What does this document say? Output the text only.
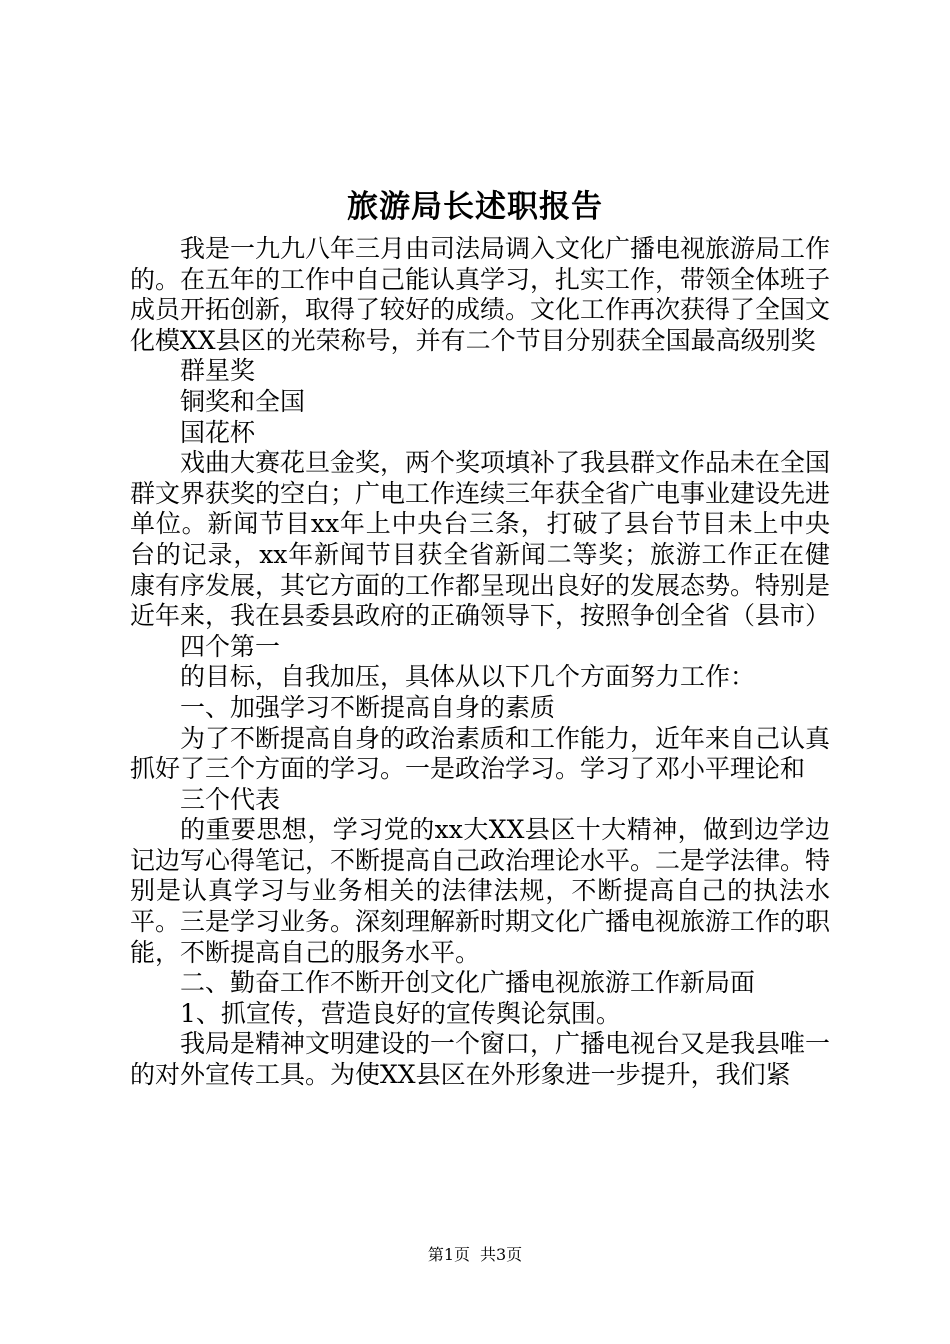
旅游局长述职报告

我是一九九八年三月由司法局调入文化广播电视旅游局工作的。在五年的工作中自己能认真学习，扎实工作，带领全体班子成员开拓创新，取得了较好的成绩。文化工作再次获得了全国文化模XX县区的光荣称号，并有二个节目分别获全国最高级别奖

群星奖

铜奖和全国

国花杯

戏曲大赛花旦金奖，两个奖项填补了我县群文作品未在全国群文界获奖的空白；广电工作连续三年获全省广电事业建设先进单位。新闻节目xx年上中央台三条，打破了县台节目未上中央台的记录，xx年新闻节目获全省新闻二等奖；旅游工作正在健康有序发展，其它方面的工作都呈现出良好的发展态势。特别是近年来，我在县委县政府的正确领导下，按照争创全省（县市）

四个第一

的目标，自我加压，具体从以下几个方面努力工作：

一、加强学习不断提高自身的素质

为了不断提高自身的政治素质和工作能力，近年来自己认真抓好了三个方面的学习。一是政治学习。学习了邓小平理论和

三个代表

的重要思想，学习党的xx大XX县区十大精神，做到边学边记边写心得笔记，不断提高自己政治理论水平。二是学法律。特别是认真学习与业务相关的法律法规，不断提高自己的执法水平。三是学习业务。深刻理解新时期文化广播电视旅游工作的职能，不断提高自己的服务水平。

二、勤奋工作不断开创文化广播电视旅游工作新局面

1、抓宣传，营造良好的宣传舆论氛围。

我局是精神文明建设的一个窗口，广播电视台又是我县唯一的对外宣传工具。为使XX县区在外形象进一步提升，我们紧

第1页 共3页
